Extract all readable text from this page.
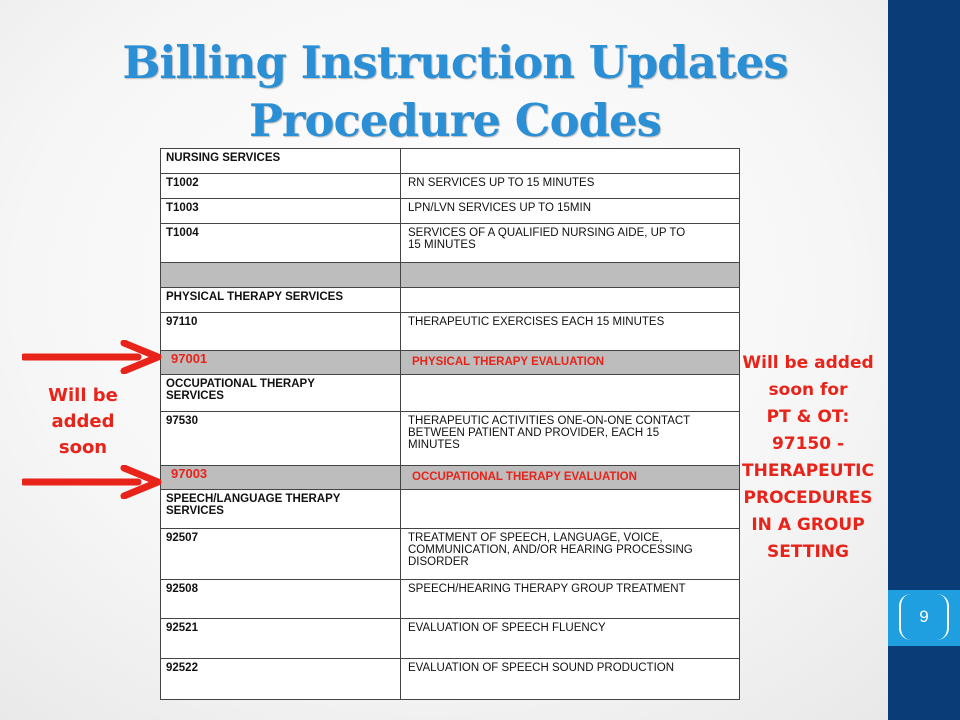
9
Billing Instruction Updates
Procedure Codes
NURSING SERVICES
T1002	RN SERVICES UP TO 15 MINUTES
T1003	LPN/LVN SERVICES UP TO 15MIN
T1004	SERVICES OF A QUALIFIED NURSING AIDE, UP TO
15 MINUTES
PHYSICAL THERAPY SERVICES
97110	THERAPEUTIC EXERCISES EACH 15 MINUTES
97001	PHYSICAL THERAPY EVALUATION
OCCUPATIONAL THERAPY
SERVICES
97530	THERAPEUTIC ACTIVITIES ONE-ON-ONE CONTACT
BETWEEN PATIENT AND PROVIDER, EACH 15
MINUTES
97003	OCCUPATIONAL THERAPY EVALUATION
SPEECH/LANGUAGE THERAPY
SERVICES
92507	TREATMENT OF SPEECH, LANGUAGE, VOICE,
COMMUNICATION, AND/OR HEARING PROCESSING
DISORDER
92508	SPEECH/HEARING THERAPY GROUP TREATMENT
92521	EVALUATION OF SPEECH FLUENCY
92522	EVALUATION OF SPEECH SOUND PRODUCTION
Will be
added
soon
Will be added
soon for
PT & OT:
97150 -
THERAPEUTIC
PROCEDURES
IN A GROUP
SETTING
